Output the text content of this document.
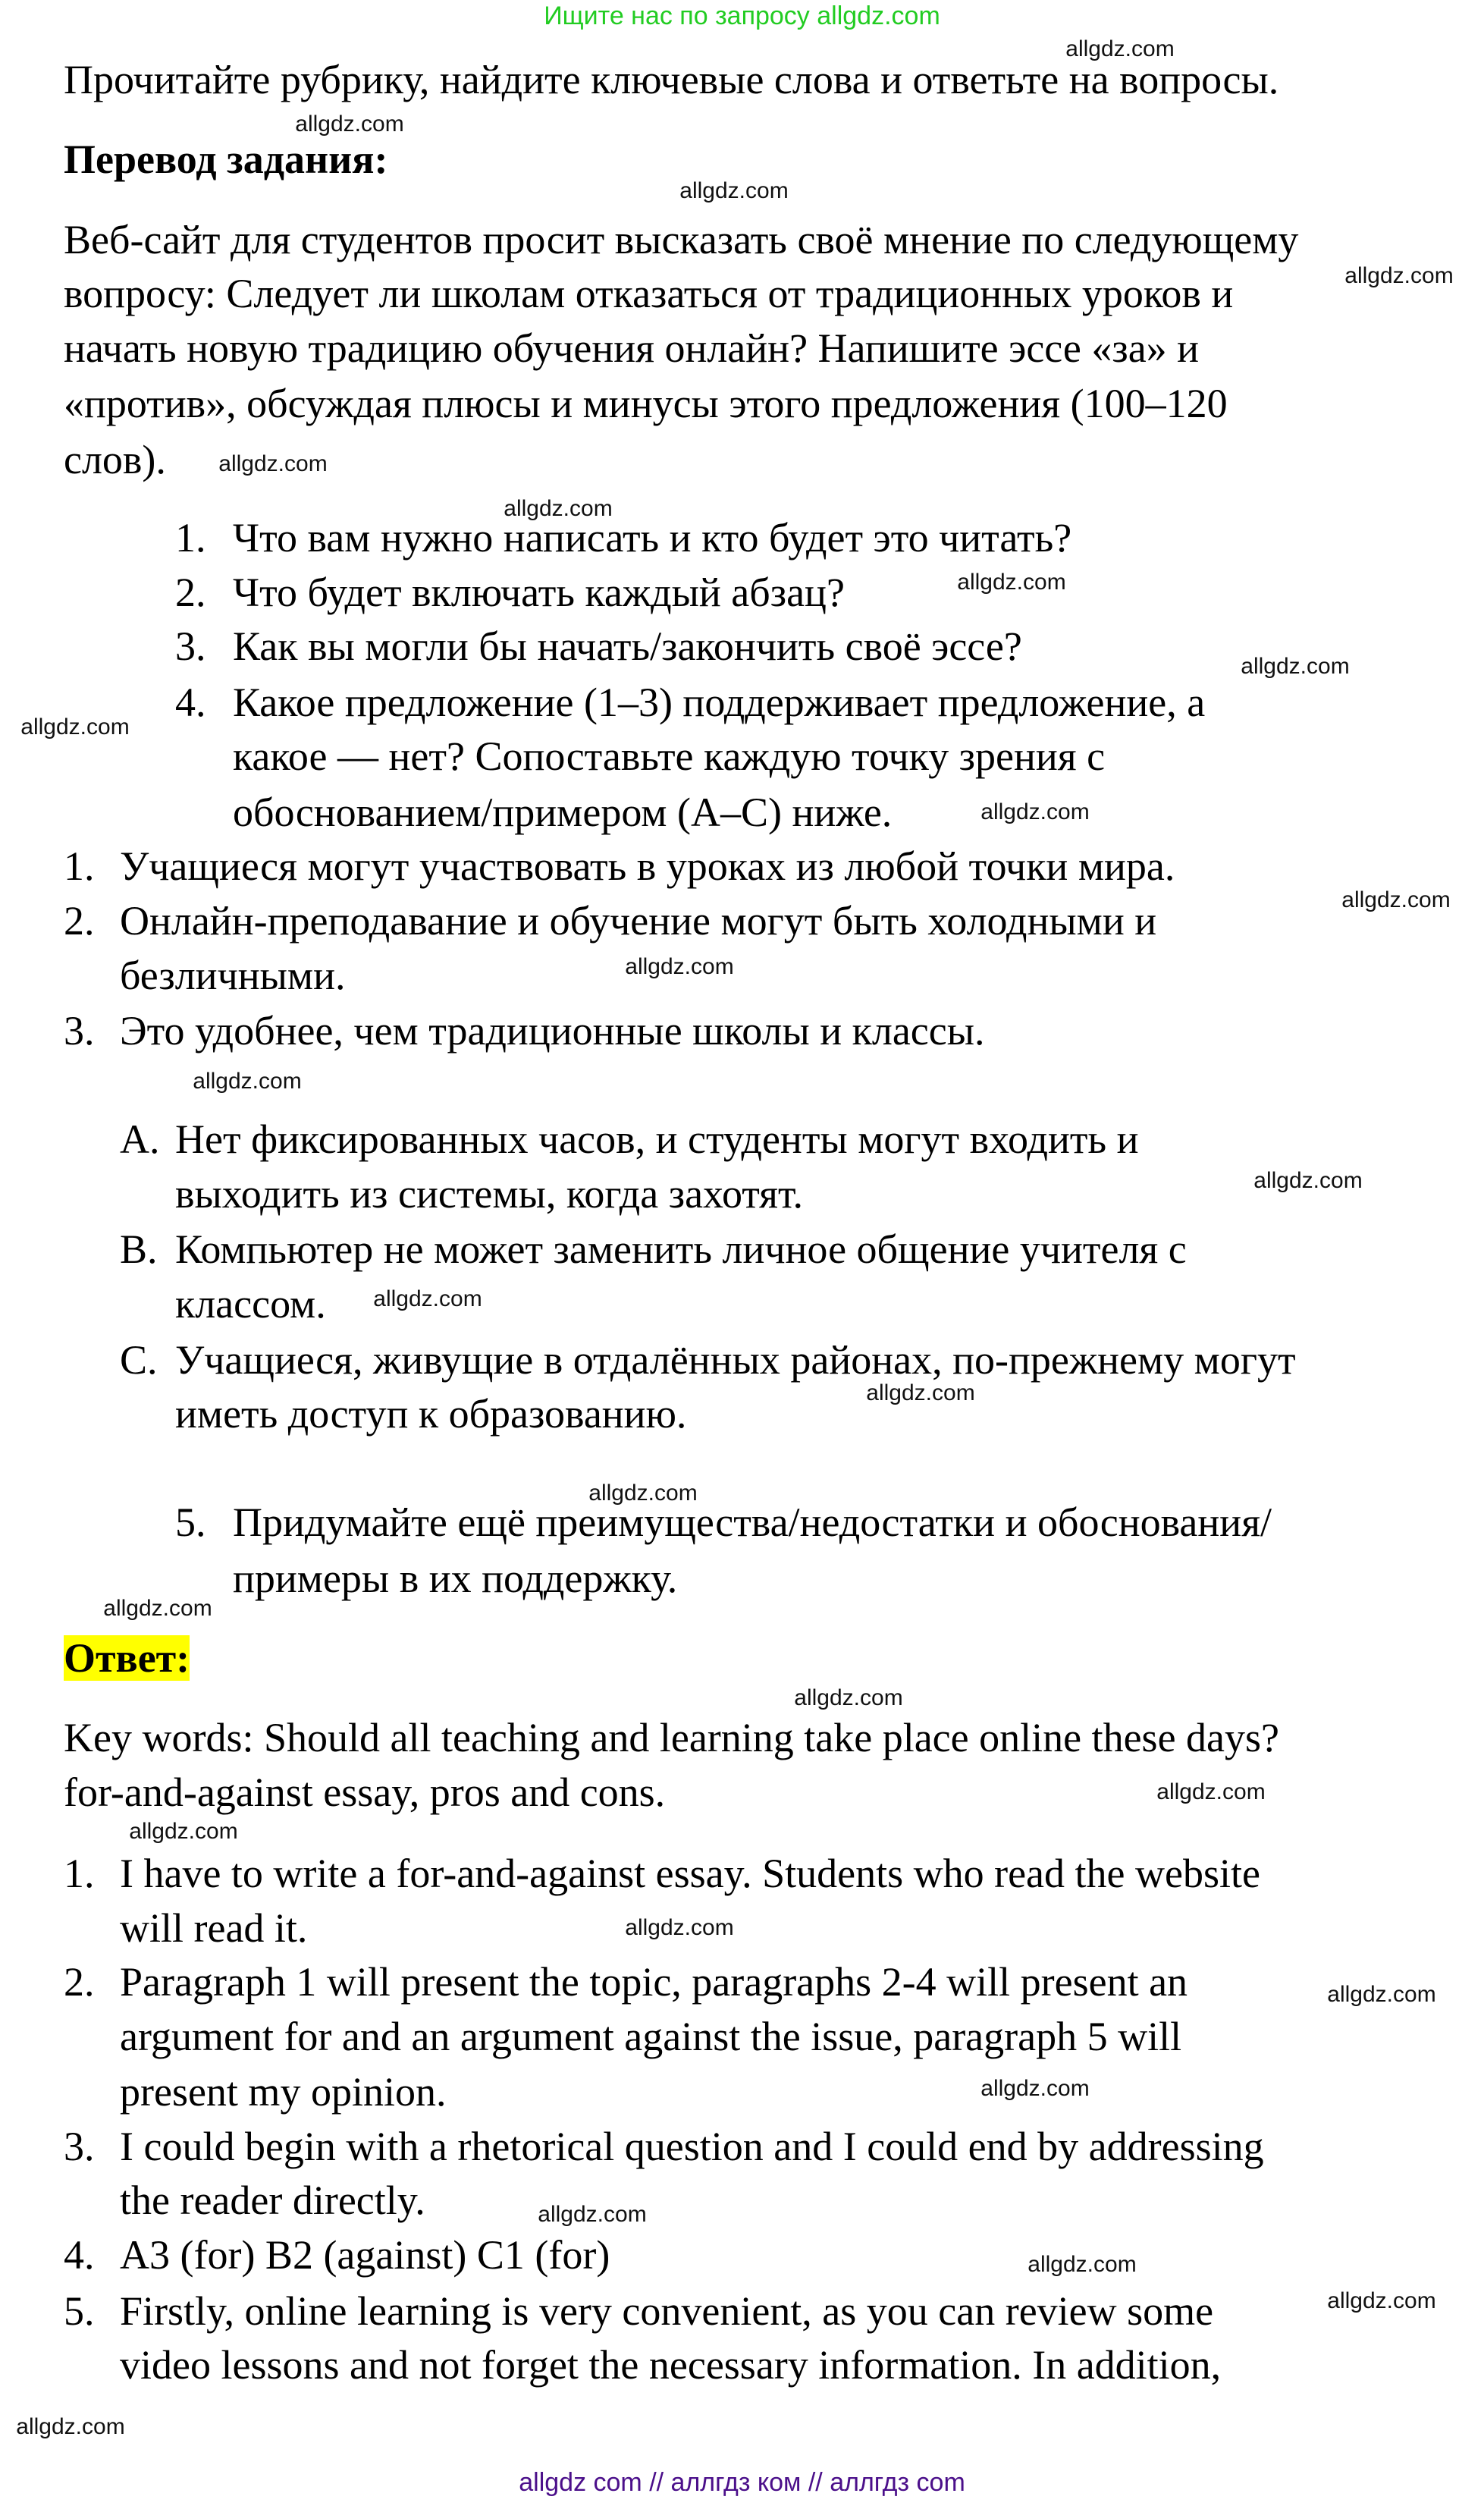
Ищите нас по запросу allgdz.com
Прочитайте рубрику, найдите ключевые слова и ответьте на вопросы.
Перевод задания:
Веб-сайт для студентов просит высказать своё мнение по следующему
вопросу: Следует ли школам отказаться от традиционных уроков и
начать новую традицию обучения онлайн? Напишите эссе «за» и
«против», обсуждая плюсы и минусы этого предложения (100–120
слов).
1. Что вам нужно написать и кто будет это читать?
2. Что будет включать каждый абзац?
3. Как вы могли бы начать/закончить своё эссе?
4. Какое предложение (1–3) поддерживает предложение, а
какое — нет? Сопоставьте каждую точку зрения с
обоснованием/примером (A–C) ниже.
1. Учащиеся могут участвовать в уроках из любой точки мира.
2. Онлайн-преподавание и обучение могут быть холодными и
безличными.
3. Это удобнее, чем традиционные школы и классы.
A. Нет фиксированных часов, и студенты могут входить и
выходить из системы, когда захотят.
B. Компьютер не может заменить личное общение учителя с
классом.
C. Учащиеся, живущие в отдалённых районах, по-прежнему могут
иметь доступ к образованию.
5. Придумайте ещё преимущества/недостатки и обоснования/
примеры в их поддержку.
Ответ:
Key words: Should all teaching and learning take place online these days?
for-and-against essay, pros and cons.
1. I have to write a for-and-against essay. Students who read the website
will read it.
2. Paragraph 1 will present the topic, paragraphs 2-4 will present an
argument for and an argument against the issue, paragraph 5 will
present my opinion.
3. I could begin with a rhetorical question and I could end by addressing
the reader directly.
4. A3 (for) B2 (against) C1 (for)
5. Firstly, online learning is very convenient, as you can review some
video lessons and not forget the necessary information. In addition,
allgdz.com
allgdz.com
allgdz.com
allgdz.com
allgdz.com
allgdz.com
allgdz.com
allgdz.com
allgdz.com
allgdz.com
allgdz.com
allgdz.com
allgdz.com
allgdz.com
allgdz.com
allgdz.com
allgdz.com
allgdz.com
allgdz.com
allgdz.com
allgdz.com
allgdz.com
allgdz.com
allgdz.com
allgdz.com
allgdz.com
allgdz.com
allgdz.com
allgdz com // аллгдз ком // аллгдз com
